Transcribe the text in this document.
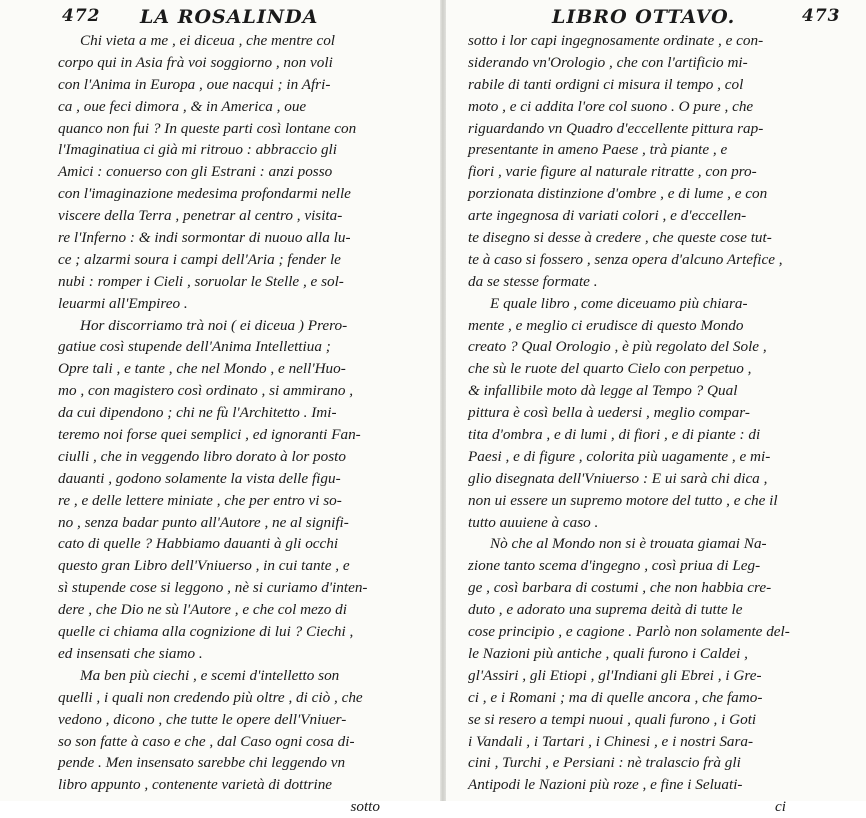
472 LA ROSALINDA
Chi vieta a me , ei diceua , che mentre col
corpo qui in Asia frà voi soggiorno , non voli
con l'Anima in Europa , oue nacqui ; in Afri-
ca , oue feci dimora , & in America , oue
quanco non fui ? In queste parti così lontane con
l'Imaginatiua ci già mi ritrouo : abbraccio gli
Amici : conuerso con gli Estrani : anzi posso
con l'imaginazione medesima profondarmi nelle
viscere della Terra , penetrar al centro , visita-
re l'Inferno : & indi sormontar di nuouo alla lu-
ce ; alzarmi soura i campi dell'Aria ; fender le
nubi : romper i Cieli , soruolar le Stelle , e sol-
leuarmi all'Empireo .
Hor discorriamo trà noi ( ei diceua ) Prero-
gatiue così stupende dell'Anima Intellettiua ;
Opre tali , e tante , che nel Mondo , e nell'Huo-
mo , con magistero così ordinato , si ammirano ,
da cui dipendono ; chi ne fù l'Architetto . Imi-
teremo noi forse quei semplici , ed ignoranti Fan-
ciulli , che in veggendo libro dorato à lor posto
dauanti , godono solamente la vista delle figu-
re , e delle lettere miniate , che per entro vi so-
no , senza badar punto all'Autore , ne al signifi-
cato di quelle ? Habbiamo dauanti à gli occhi
questo gran Libro dell'Vniuerso , in cui tante , e
sì stupende cose si leggono , nè si curiamo d'inten-
dere , che Dio ne sù l'Autore , e che col mezo di
quelle ci chiama alla cognizione di lui ? Ciechi ,
ed insensati che siamo .
Ma ben più ciechi , e scemi d'intelletto son
quelli , i quali non credendo più oltre , di ciò , che
vedono , dicono , che tutte le opere dell'Vniuer-
so son fatte à caso e che , dal Caso ogni cosa di-
pende . Men insensato sarebbe chi leggendo vn
libro appunto , contenente varietà di dottrine
sotto
LIBRO OTTAVO.	473
sotto i lor capi ingegnosamente ordinate , e con-
siderando vn'Orologio , che con l'artificio mi-
rabile di tanti ordigni ci misura il tempo , col
moto , e ci addita l'ore col suono . O pure , che
riguardando vn Quadro d'eccellente pittura rap-
presentante in ameno Paese , trà piante , e
fiori , varie figure al naturale ritratte , con pro-
porzionata distinzione d'ombre , e di lume , e con
arte ingegnosa di variati colori , e d'eccellen-
te disegno si desse à credere , che queste cose tut-
te à caso si fossero , senza opera d'alcuno Artefice ,
da se stesse formate .
E quale libro , come diceuamo più chiara-
mente , e meglio ci erudisce di questo Mondo
creato ? Qual Orologio , è più regolato del Sole ,
che sù le ruote del quarto Cielo con perpetuo ,
& infallibile moto dà legge al Tempo ? Qual
pittura è così bella à uedersi , meglio compar-
tita d'ombra , e di lumi , di fiori , e di piante : di
Paesi , e di figure , colorita più uagamente , e mi-
glio disegnata dell'Vniuerso : E ui sarà chi dica ,
non ui essere un supremo motore del tutto , e che il
tutto auuiene à caso .
Nò che al Mondo non si è trouata giamai Na-
zione tanto scema d'ingegno , così priua di Leg-
ge , così barbara di costumi , che non habbia cre-
duto , e adorato una suprema deità di tutte le
cose principio , e cagione . Parlò non solamente del-
le Nazioni più antiche , quali furono i Caldei ,
gl'Assiri , gli Etiopi , gl'Indiani gli Ebrei , i Gre-
ci , e i Romani ; ma di quelle ancora , che famo-
se si resero a tempi nuoui , quali furono , i Goti
i Vandali , i Tartari , i Chinesi , e i nostri Sara-
cini , Turchi , e Persiani : nè tralascio frà gli
Antipodi le Nazioni più roze , e fine i Seluati-
ci
